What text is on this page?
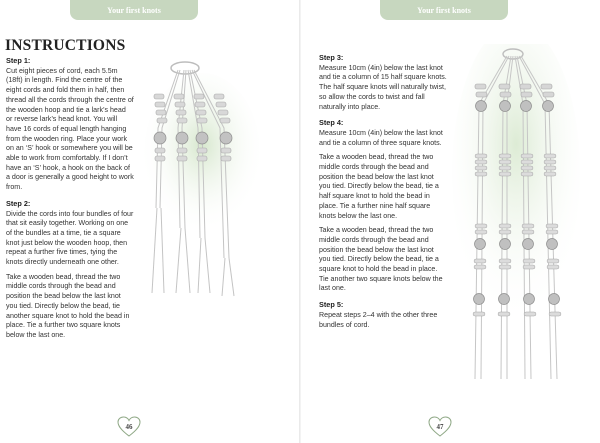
Your first knots
INSTRUCTIONS
Step 1:

Cut eight pieces of cord, each 5.5m (18ft) in length. Find the centre of the eight cords and fold them in half, then thread all the cords through the centre of the wooden hoop and tie a lark’s head or reverse lark’s head knot. You will have 16 cords of equal length hanging from the wooden ring. Place your work on an ‘S’ hook or somewhere you will be able to work from comfortably. If I don’t have an ‘S’ hook, a hook on the back of a door is generally a good height to work from.

Step 2:

Divide the cords into four bundles of four that sit easily together. Working on one of the bundles at a time, tie a square knot just below the wooden hoop, then repeat a further five times, tying the knots directly underneath one other.

Take a wooden bead, thread the two middle cords through the bead and position the bead below the last knot you tied. Directly below the bead, tie another square knot to hold the bead in place. Tie a further two square knots below the last one.

46
Your first knots
Step 3:

Measure 10cm (4in) below the last knot and tie a column of 15 half square knots. The half square knots will naturally twist, so allow the cords to twist and fall naturally into place.

Step 4:

Measure 10cm (4in) below the last knot and tie a column of three square knots.

Take a wooden bead, thread the two middle cords through the bead and position the bead below the last knot you tied. Directly below the bead, tie a half square knot to hold the bead in place. Tie a further nine half square knots below the last one.

Take a wooden bead, thread the two middle cords through the bead and position the bead below the last knot you tied. Directly below the bead, tie a square knot to hold the bead in place. Tie another two square knots below the last one.

Step 5:

Repeat steps 2–4 with the other three bundles of cord.

47
